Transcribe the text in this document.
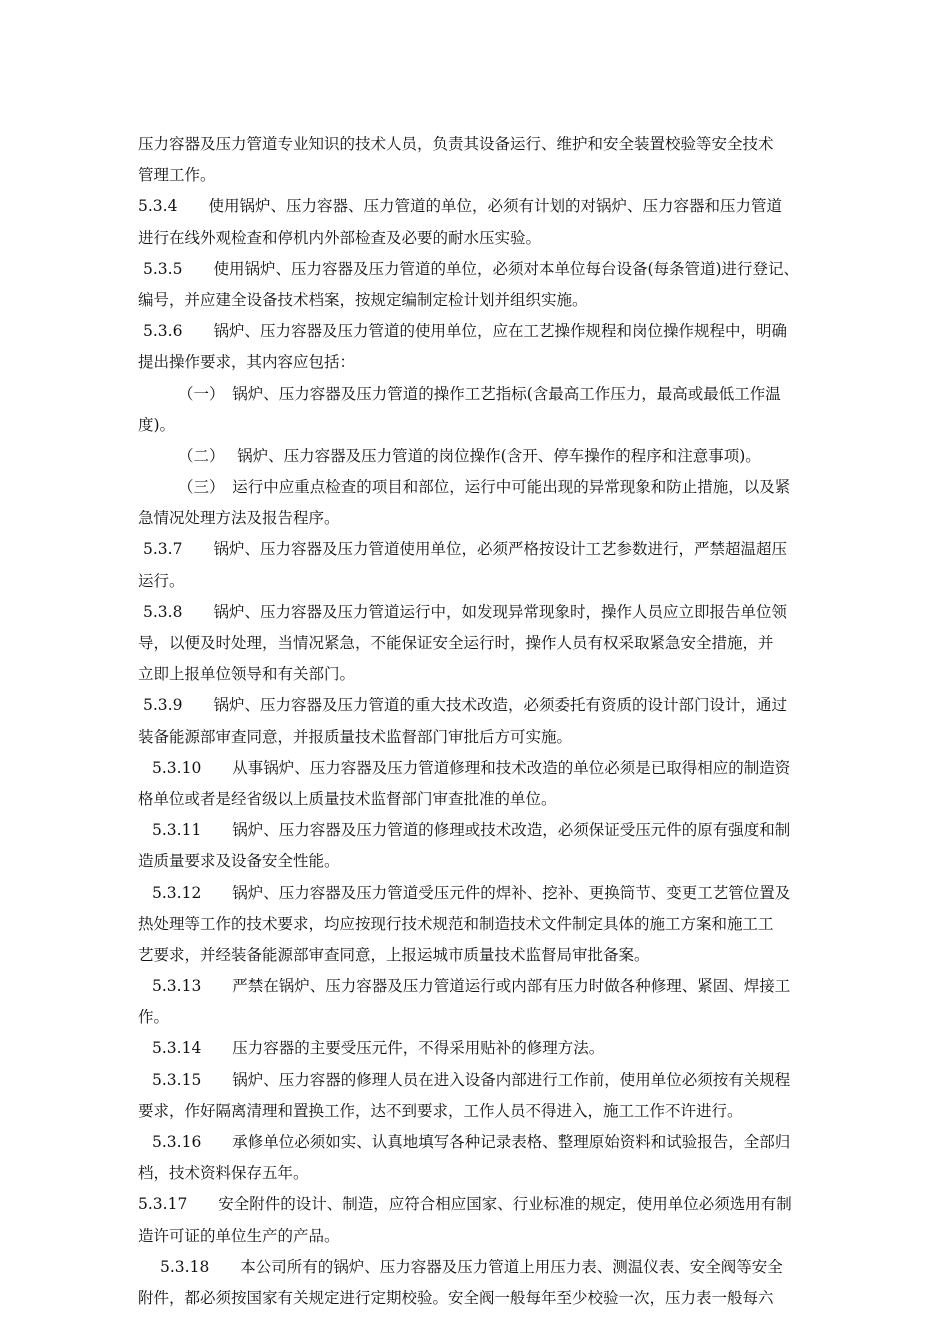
压力容器及压力管道专业知识的技术人员，负责其设备运行、维护和安全装置校验等安全技术
管理工作。
5.3.4　　使用锅炉、压力容器、压力管道的单位，必须有计划的对锅炉、压力容器和压力管道
进行在线外观检查和停机内外部检查及必要的耐水压实验。
5.3.5　　使用锅炉、压力容器及压力管道的单位，必须对本单位每台设备(每条管道)进行登记、
编号，并应建全设备技术档案，按规定编制定检计划并组织实施。
5.3.6　　锅炉、压力容器及压力管道的使用单位，应在工艺操作规程和岗位操作规程中，明确
提出操作要求，其内容应包括：
（一）　锅炉、压力容器及压力管道的操作工艺指标(含最高工作压力，最高或最低工作温
度)。
（二）　 锅炉、压力容器及压力管道的岗位操作(含开、停车操作的程序和注意事项)。
（三）　运行中应重点检查的项目和部位，运行中可能出现的异常现象和防止措施，以及紧
急情况处理方法及报告程序。
5.3.7　　锅炉、压力容器及压力管道使用单位，必须严格按设计工艺参数进行，严禁超温超压
运行。
5.3.8　　锅炉、压力容器及压力管道运行中，如发现异常现象时，操作人员应立即报告单位领
导，以便及时处理，当情况紧急，不能保证安全运行时，操作人员有权采取紧急安全措施，并
立即上报单位领导和有关部门。
5.3.9　　锅炉、压力容器及压力管道的重大技术改造，必须委托有资质的设计部门设计，通过
装备能源部审查同意，并报质量技术监督部门审批后方可实施。
5.3.10　　从事锅炉、压力容器及压力管道修理和技术改造的单位必须是已取得相应的制造资
格单位或者是经省级以上质量技术监督部门审查批准的单位。
5.3.11　　锅炉、压力容器及压力管道的修理或技术改造，必须保证受压元件的原有强度和制
造质量要求及设备安全性能。
5.3.12　　锅炉、压力容器及压力管道受压元件的焊补、挖补、更换筒节、变更工艺管位置及
热处理等工作的技术要求，均应按现行技术规范和制造技术文件制定具体的施工方案和施工工
艺要求，并经装备能源部审查同意，上报运城市质量技术监督局审批备案。
5.3.13　　严禁在锅炉、压力容器及压力管道运行或内部有压力时做各种修理、紧固、焊接工
作。
5.3.14　　压力容器的主要受压元件，不得采用贴补的修理方法。
5.3.15　　锅炉、压力容器的修理人员在进入设备内部进行工作前，使用单位必须按有关规程
要求，作好隔离清理和置换工作，达不到要求，工作人员不得进入，施工工作不许进行。
5.3.16　　承修单位必须如实、认真地填写各种记录表格、整理原始资料和试验报告，全部归
档，技术资料保存五年。
5.3.17　　安全附件的设计、制造，应符合相应国家、行业标准的规定，使用单位必须选用有制
造许可证的单位生产的产品。
5.3.18　　本公司所有的锅炉、压力容器及压力管道上用压力表、测温仪表、安全阀等安全
附件，都必须按国家有关规定进行定期校验。安全阀一般每年至少校验一次，压力表一般每六
